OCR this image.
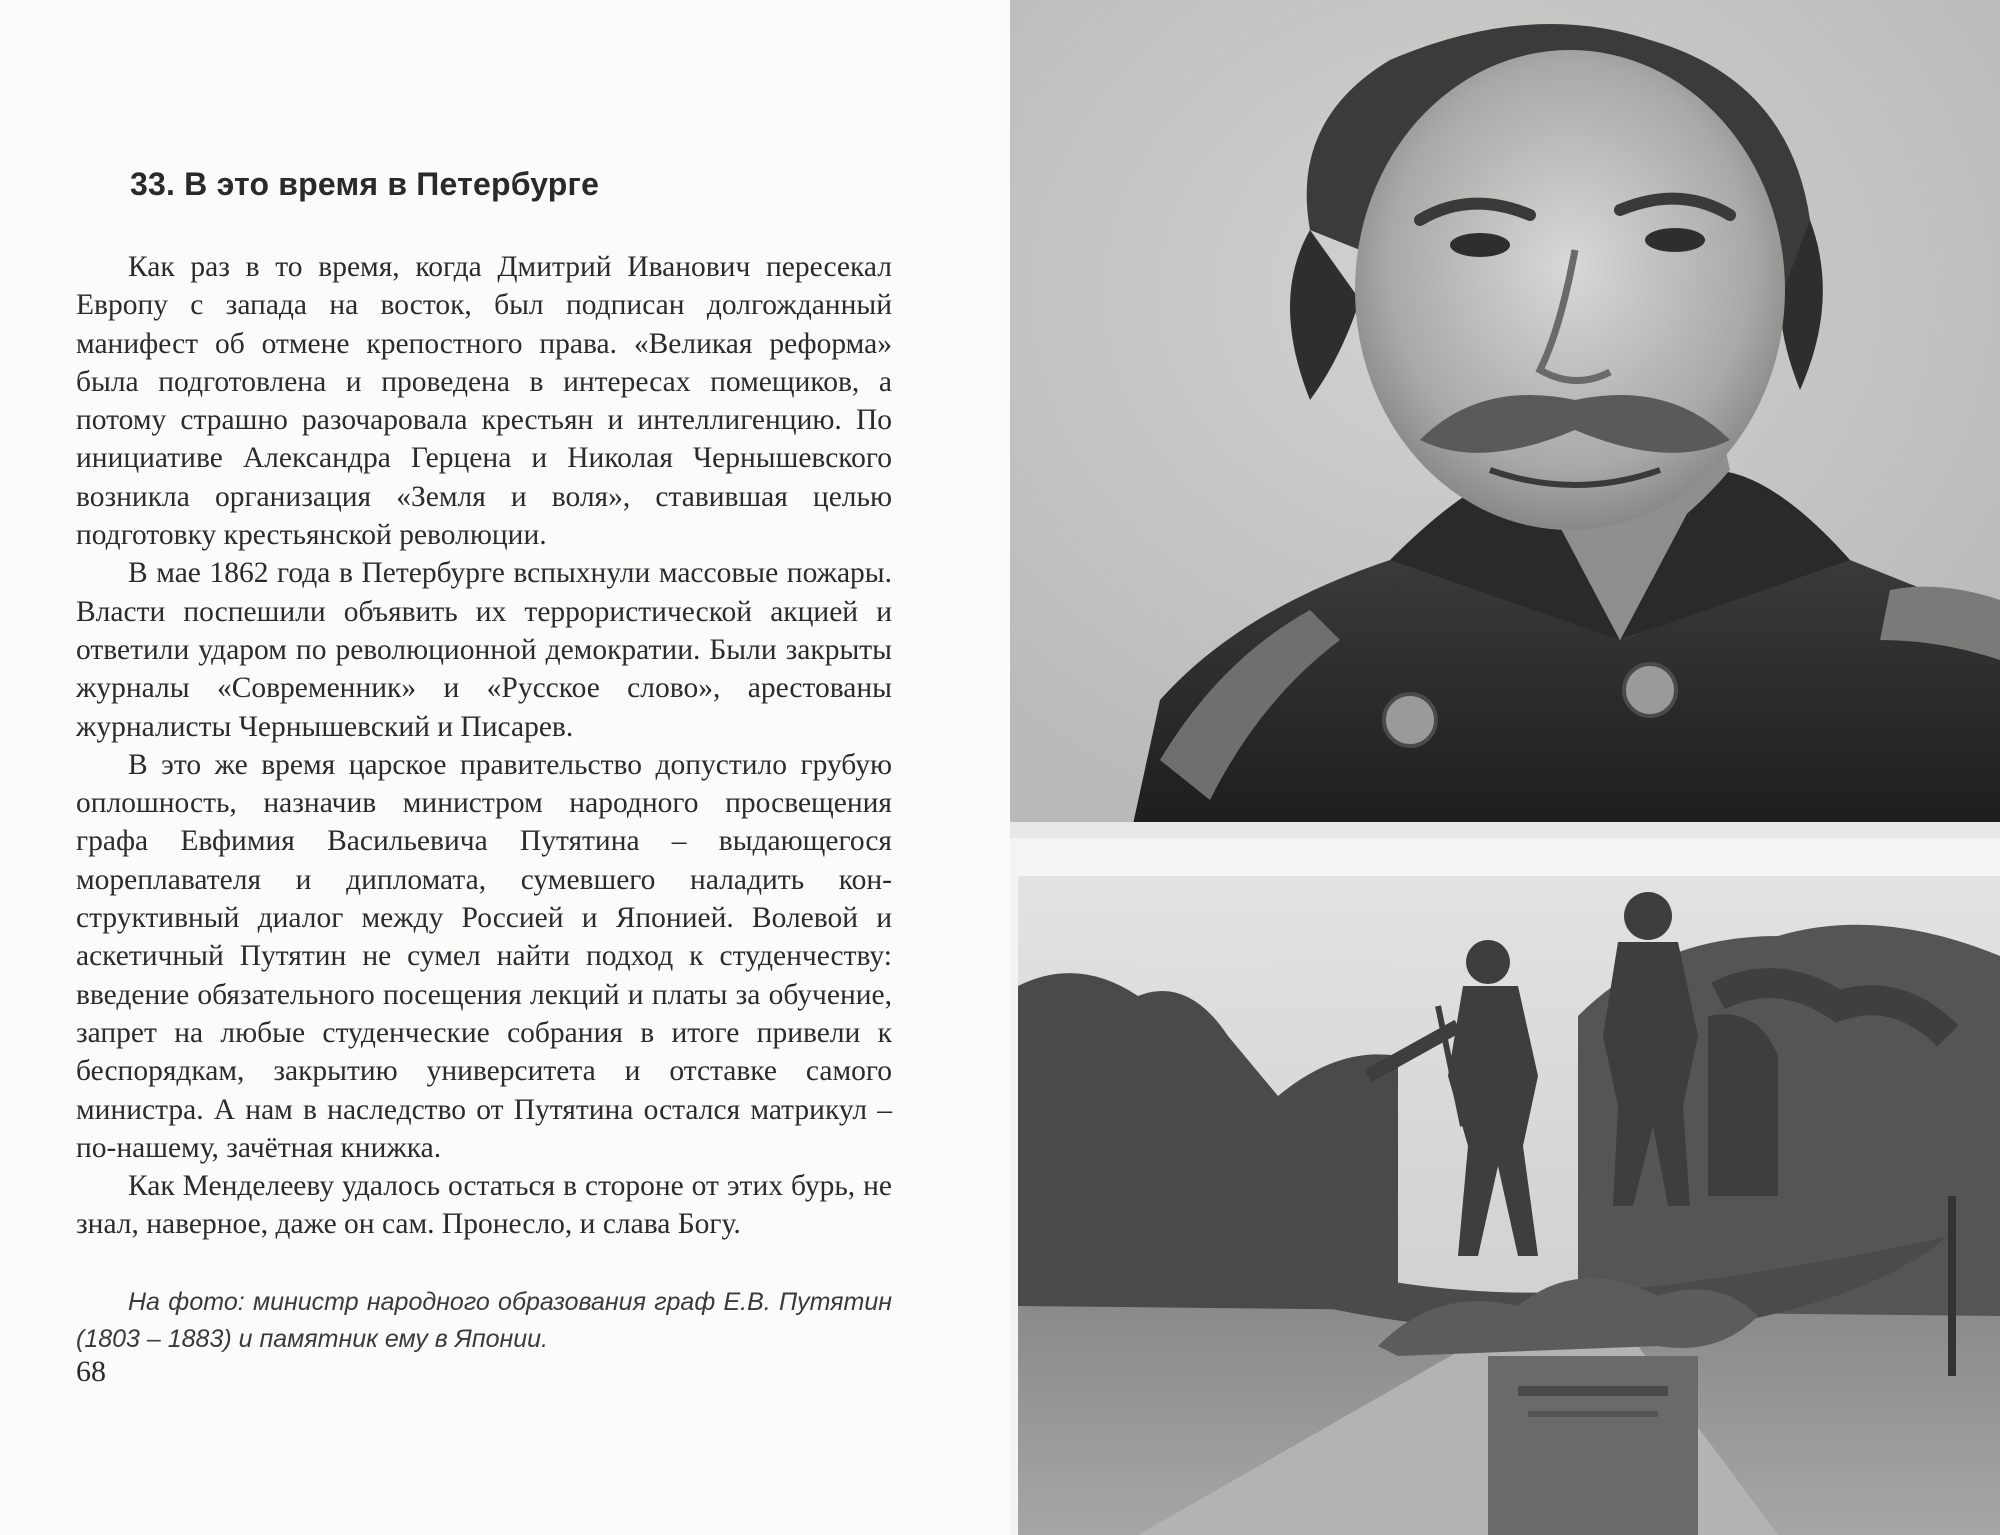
33. В это время в Петербурге

Как раз в то время, когда Дмитрий Иванович пересекал Европу с запада на восток, был подписан долгожданный манифест об отмене крепостного права. «Великая реформа» была подготовлена и проведена в интересах помещиков, а потому страшно разочаровала крестьян и интеллигенцию. По инициативе Александра Герцена и Николая Чернышевского возникла организация «Земля и воля», ставившая целью подготовку крестьянской революции.

В мае 1862 года в Петербурге вспыхнули массовые пожары. Власти поспешили объявить их террористической акцией и ответили ударом по революционной демократии. Были закрыты журналы «Современник» и «Русское слово», арестованы журналисты Чернышевский и Писарев.

В это же время царское правительство допустило грубую оплошность, назначив министром народного просвещения графа Евфимия Васильевича Путятина – выдающегося мореплавателя и дипломата, сумевшего наладить конструктивный диалог между Россией и Японией. Волевой и аскетичный Путятин не сумел найти подход к студенчеству: введение обязательного посещения лекций и платы за обучение, запрет на любые студенческие собрания в итоге привели к беспорядкам, закрытию университета и отставке самого министра. А нам в наследство от Путятина остался матрикул – по-нашему, зачётная книжка.

Как Менделееву удалось остаться в стороне от этих бурь, не знал, наверное, даже он сам. Пронесло, и слава Богу.

На фото: министр народного образования граф Е.В. Путятин (1803 – 1883) и памятник ему в Японии.
68
